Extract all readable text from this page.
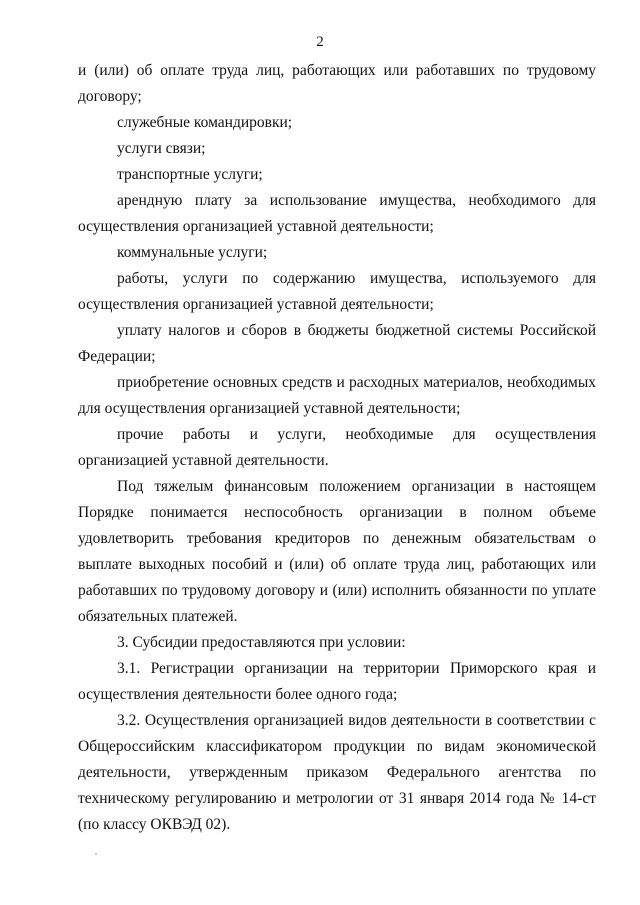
2

и (или) об оплате труда лиц, работающих или работавших по трудовому договору;

служебные командировки;

услуги связи;

транспортные услуги;

арендную плату за использование имущества, необходимого для осуществления организацией уставной деятельности;

коммунальные услуги;

работы, услуги по содержанию имущества, используемого для осуществления организацией уставной деятельности;

уплату налогов и сборов в бюджеты бюджетной системы Российской Федерации;

приобретение основных средств и расходных материалов, необходимых для осуществления организацией уставной деятельности;

прочие работы и услуги, необходимые для осуществления организацией уставной деятельности.

Под тяжелым финансовым положением организации в настоящем Порядке понимается неспособность организации в полном объеме удовлетворить требования кредиторов по денежным обязательствам о выплате выходных пособий и (или) об оплате труда лиц, работающих или работавших по трудовому договору и (или) исполнить обязанности по уплате обязательных платежей.

3. Субсидии предоставляются при условии:

3.1. Регистрации организации на территории Приморского края и осуществления деятельности более одного года;

3.2. Осуществления организацией видов деятельности в соответствии с Общероссийским классификатором продукции по видам экономической деятельности, утвержденным приказом Федерального агентства по техническому регулированию и метрологии от 31 января 2014 года № 14-ст (по классу ОКВЭД 02).
